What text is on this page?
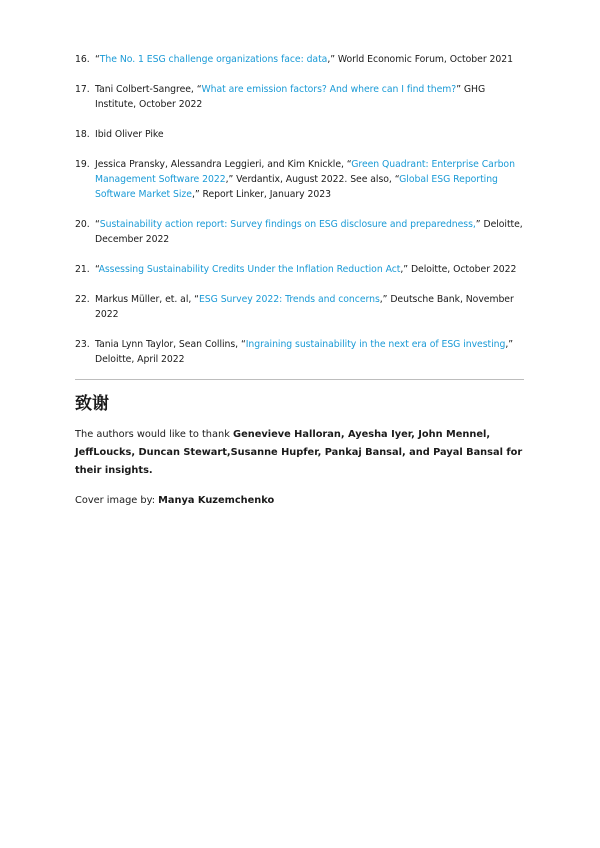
16. “The No. 1 ESG challenge organizations face: data,” World Economic Forum, October 2021
17. Tani Colbert-Sangree, “What are emission factors? And where can I find them?” GHG Institute, October 2022
18. Ibid Oliver Pike
19. Jessica Pransky, Alessandra Leggieri, and Kim Knickle, “Green Quadrant: Enterprise Carbon Management Software 2022,” Verdantix, August 2022. See also, “Global ESG Reporting Software Market Size,” Report Linker, January 2023
20. “Sustainability action report: Survey findings on ESG disclosure and preparedness,” Deloitte, December 2022
21. “Assessing Sustainability Credits Under the Inflation Reduction Act,” Deloitte, October 2022
22. Markus Müller, et. al, “ESG Survey 2022: Trends and concerns,” Deutsche Bank, November 2022
23. Tania Lynn Taylor, Sean Collins, “Ingraining sustainability in the next era of ESG investing,” Deloitte, April 2022
致谢

The authors would like to thank Genevieve Halloran, Ayesha Iyer, John Mennel, JeffLoucks, Duncan Stewart,Susanne Hupfer, Pankaj Bansal, and Payal Bansal for their insights.

Cover image by: Manya Kuzemchenko
